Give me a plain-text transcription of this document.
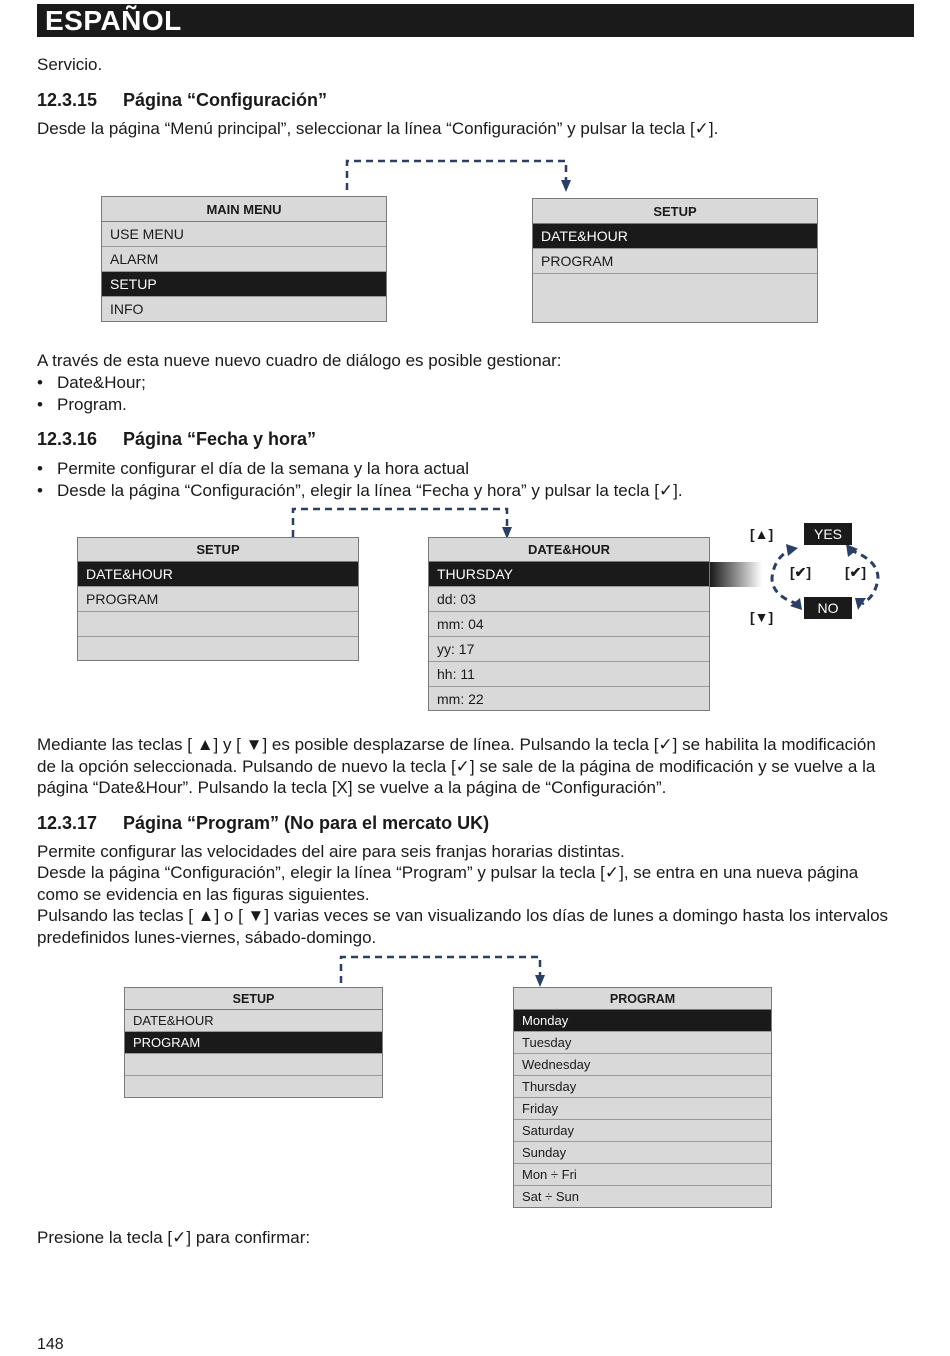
ESPAÑOL
Servicio.
12.3.15 Página “Configuración”
Desde la página “Menú principal”, seleccionar la línea “Configuración” y pulsar la tecla [✓].
MAIN MENU
USE MENU
ALARM
SETUP
INFO
SETUP
DATE&HOUR
PROGRAM
A través de esta nueve nuevo cuadro de diálogo es posible gestionar:
• Date&Hour;
• Program.
12.3.16 Página “Fecha y hora”
• Permite configurar el día de la semana y la hora actual
• Desde la página “Configuración”, elegir la línea “Fecha y hora” y pulsar la tecla [✓].
SETUP
DATE&HOUR
PROGRAM
DATE&HOUR
THURSDAY
dd: 03
mm: 04
yy: 17
hh: 11
mm: 22
[▲]
[▼]
[✔] [✔]
YES
NO
Mediante las teclas [ ▲] y [ ▼] es posible desplazarse de línea. Pulsando la tecla [✓] se habilita la modificación
de la opción seleccionada. Pulsando de nuevo la tecla [✓] se sale de la página de modificación y se vuelve a la
página “Date&Hour”. Pulsando la tecla [X] se vuelve a la página de “Configuración”.
12.3.17 Página “Program” (No para el mercato UK)
Permite configurar las velocidades del aire para seis franjas horarias distintas.
Desde la página “Configuración”, elegir la línea “Program” y pulsar la tecla [✓], se entra en una nueva página
como se evidencia en las figuras siguientes.
Pulsando las teclas [ ▲] o [ ▼] varias veces se van visualizando los días de lunes a domingo hasta los intervalos
predefinidos lunes-viernes, sábado-domingo.
SETUP
DATE&HOUR
PROGRAM
PROGRAM
Monday
Tuesday
Wednesday
Thursday
Friday
Saturday
Sunday
Mon ÷ Fri
Sat ÷ Sun
Presione la tecla [✓] para confirmar:
148
